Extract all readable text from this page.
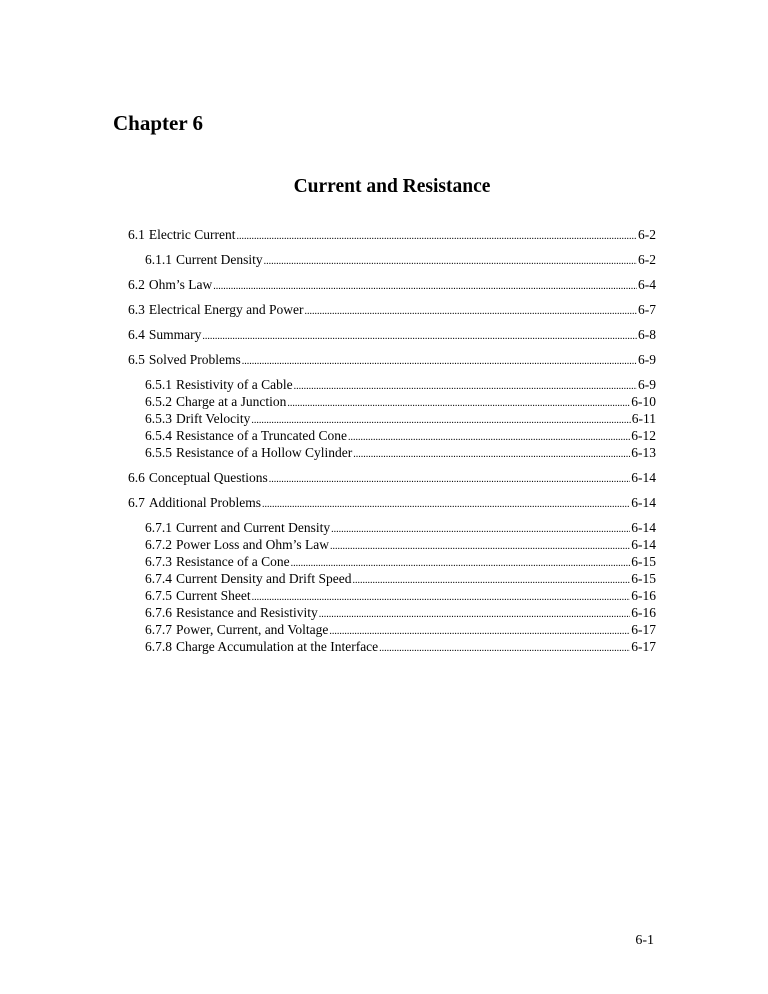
Chapter 6
Current and Resistance
6.1 Electric Current .....	6-2
6.1.1 Current Density .....	6-2
6.2 Ohm’s Law .....	6-4
6.3 Electrical Energy and Power .....	6-7
6.4 Summary .....	6-8
6.5 Solved Problems .....	6-9
6.5.1 Resistivity of a Cable .....	6-9
6.5.2 Charge at a Junction .....	6-10
6.5.3 Drift Velocity .....	6-11
6.5.4 Resistance of a Truncated Cone .....	6-12
6.5.5 Resistance of a Hollow Cylinder .....	6-13
6.6 Conceptual Questions .....	6-14
6.7 Additional Problems .....	6-14
6.7.1 Current and Current Density .....	6-14
6.7.2 Power Loss and Ohm’s Law .....	6-14
6.7.3 Resistance of a Cone .....	6-15
6.7.4 Current Density and Drift Speed .....	6-15
6.7.5 Current Sheet .....	6-16
6.7.6 Resistance and Resistivity .....	6-16
6.7.7 Power, Current, and Voltage .....	6-17
6.7.8 Charge Accumulation at the Interface .....	6-17
6-1
